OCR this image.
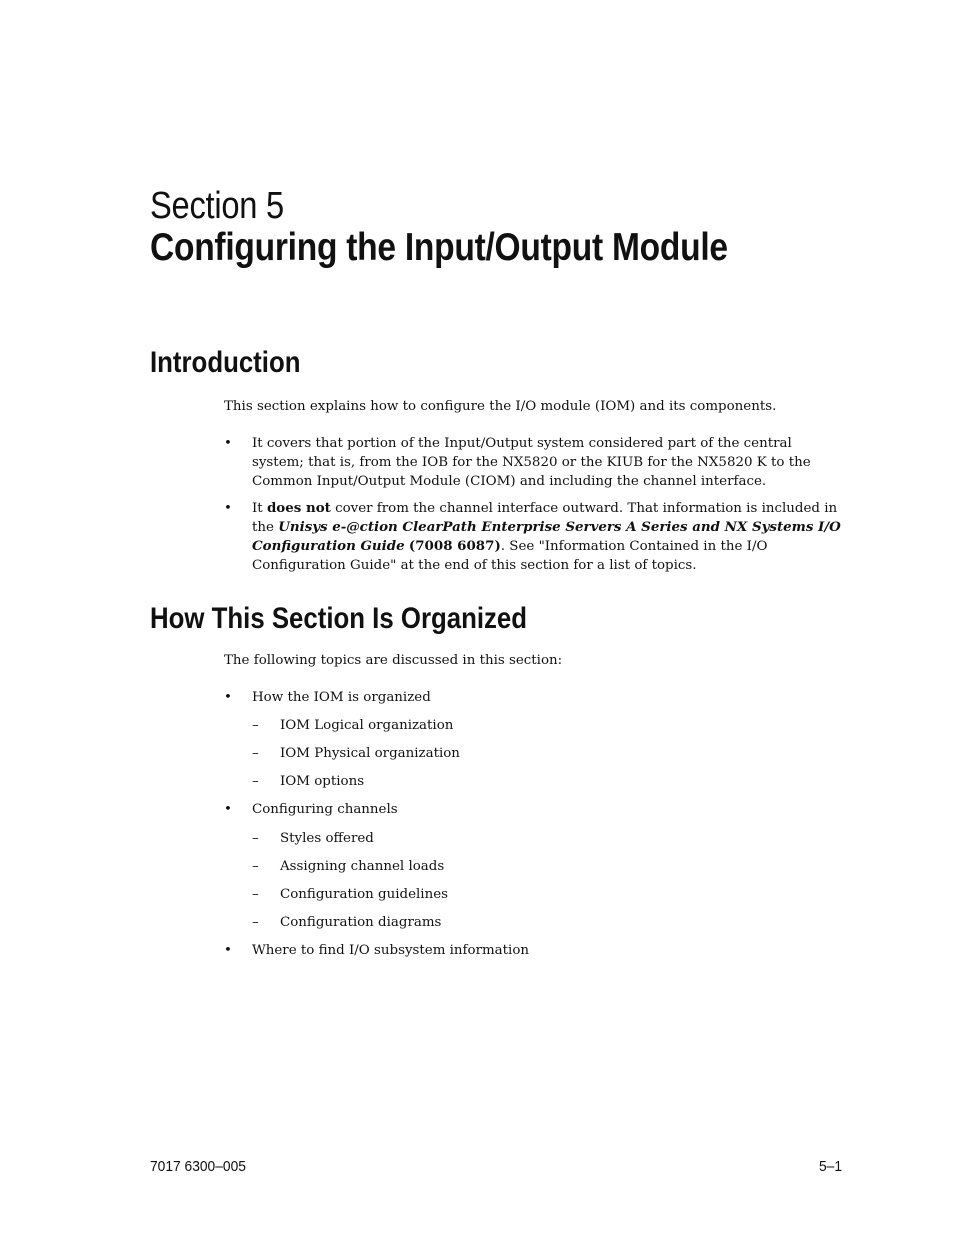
Section 5
Configuring the Input/Output Module
Introduction

This section explains how to configure the I/O module (IOM) and its components.

•	It covers that portion of the Input/Output system considered part of the central system; that is, from the IOB for the NX5820 or the KIUB for the NX5820 K to the Common Input/Output Module (CIOM) and including the channel interface.
•	It does not cover from the channel interface outward. That information is included in the Unisys e-@ction ClearPath Enterprise Servers A Series and NX Systems I/O Configuration Guide (7008 6087). See "Information Contained in the I/O Configuration Guide" at the end of this section for a list of topics.
How This Section Is Organized

The following topics are discussed in this section:

•	How the IOM is organized
–	IOM Logical organization
–	IOM Physical organization
–	IOM options
•	Configuring channels
–	Styles offered
–	Assigning channel loads
–	Configuration guidelines
–	Configuration diagrams
•	Where to find I/O subsystem information
7017 6300–005	5–1
